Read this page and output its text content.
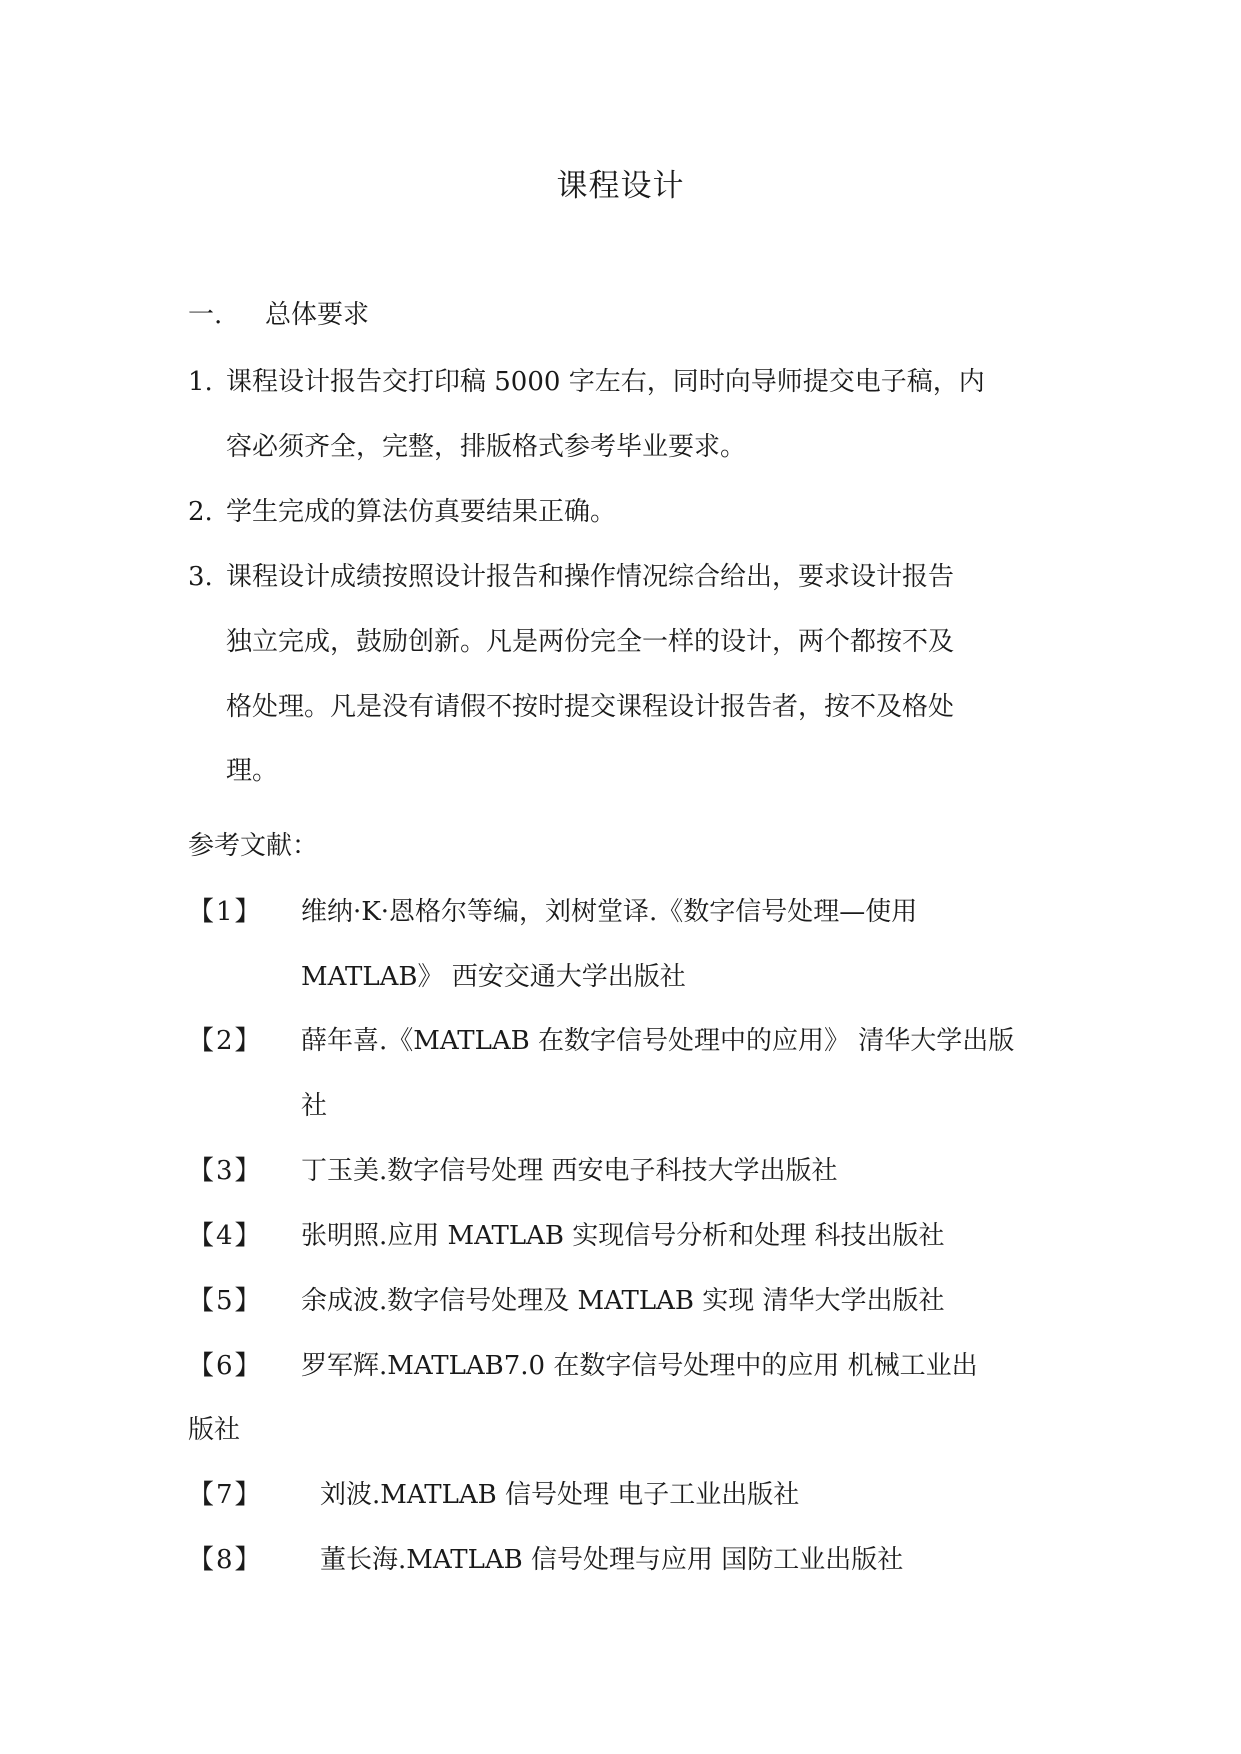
课程设计
一. 总体要求
1. 课程设计报告交打印稿 5000 字左右，同时向导师提交电子稿，内
容必须齐全，完整，排版格式参考毕业要求。
2. 学生完成的算法仿真要结果正确。
3. 课程设计成绩按照设计报告和操作情况综合给出，要求设计报告
独立完成，鼓励创新。凡是两份完全一样的设计，两个都按不及
格处理。凡是没有请假不按时提交课程设计报告者，按不及格处
理。
参考文献：
【1】 维纳·K·恩格尔等编，刘树堂译.《数字信号处理—使用
MATLAB》 西安交通大学出版社
【2】 薛年喜.《MATLAB 在数字信号处理中的应用》 清华大学出版
社
【3】 丁玉美.数字信号处理 西安电子科技大学出版社
【4】 张明照.应用 MATLAB 实现信号分析和处理 科技出版社
【5】 余成波.数字信号处理及 MATLAB 实现 清华大学出版社
【6】 罗军辉.MATLAB7.0 在数字信号处理中的应用 机械工业出
版社
【7】 刘波.MATLAB 信号处理 电子工业出版社
【8】 董长海.MATLAB 信号处理与应用 国防工业出版社
